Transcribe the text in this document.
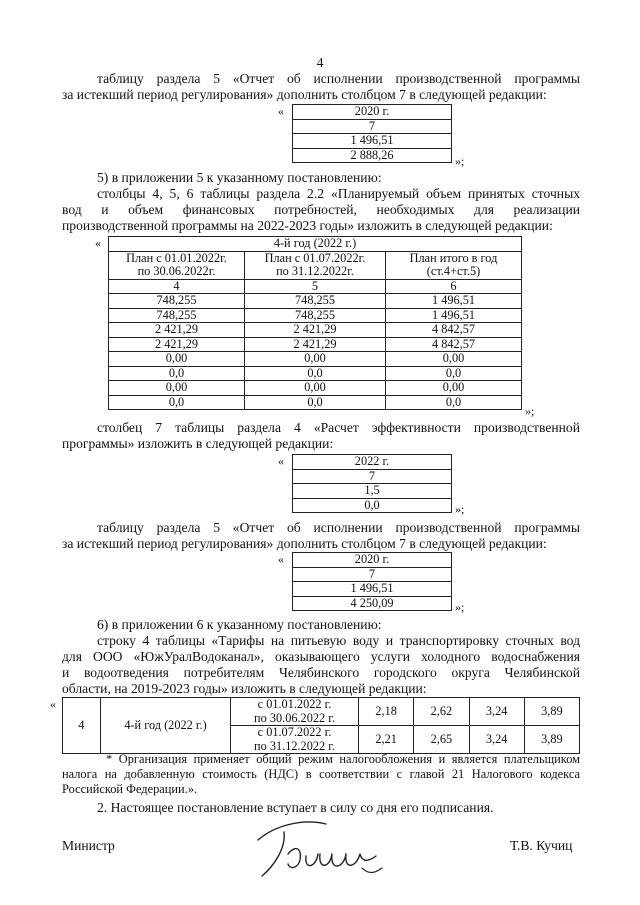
4
таблицу раздела 5 «Отчет об исполнении производственной программы
за истекший период регулирования» дополнить столбцом 7 в следующей редакции:
«	2020 г.
7
1 496,51
2 888,26	»;
5) в приложении 5 к указанному постановлению:
столбцы 4, 5, 6 таблицы раздела 2.2 «Планируемый объем принятых сточных
вод и объем финансовых потребностей, необходимых для реализации
производственной программы на 2022-2023 годы» изложить в следующей редакции:
«	4-й год (2022 г.)		
План с 01.01.2022г.
по 30.06.2022г.	План с 01.07.2022г.
по 31.12.2022г.	План итого в год
(ст.4+ст.5)
4	5	6
748,255	748,255	1 496,51
748,255	748,255	1 496,51
2 421,29	2 421,29	4 842,57
2 421,29	2 421,29	4 842,57
0,00	0,00	0,00
0,0	0,0	0,0
0,00	0,00	0,00
0,0	0,0	0,0
»;
столбец 7 таблицы раздела 4 «Расчет эффективности производственной
программы» изложить в следующей редакции:
«	2022 г.
7
1,5
0,0	»;
таблицу раздела 5 «Отчет об исполнении производственной программы
за истекший период регулирования» дополнить столбцом 7 в следующей редакции:
«	2020 г.
7
1 496,51
4 250,09	»;
6) в приложении 6 к указанному постановлению:
строку 4 таблицы «Тарифы на питьевую воду и транспортировку сточных вод
для ООО «ЮжУралВодоканал», оказывающего услуги холодного водоснабжения
и водоотведения потребителям Челябинского городского округа Челябинской
области, на 2019-2023 годы» изложить в следующей редакции:
«
4	4-й год (2022 г.)	с 01.01.2022 г.
по 30.06.2022 г.	2,18	2,62	3,24	3,89
		с 01.07.2022 г.
по 31.12.2022 г.	2,21	2,65	3,24	3,89
* Организация применяет общий режим налогообложения и является плательщиком
налога на добавленную стоимость (НДС) в соответствии с главой 21 Налогового кодекса
Российской Федерации.».
2. Настоящее постановление вступает в силу со дня его подписания.
Министр	Т.В. Кучиц
